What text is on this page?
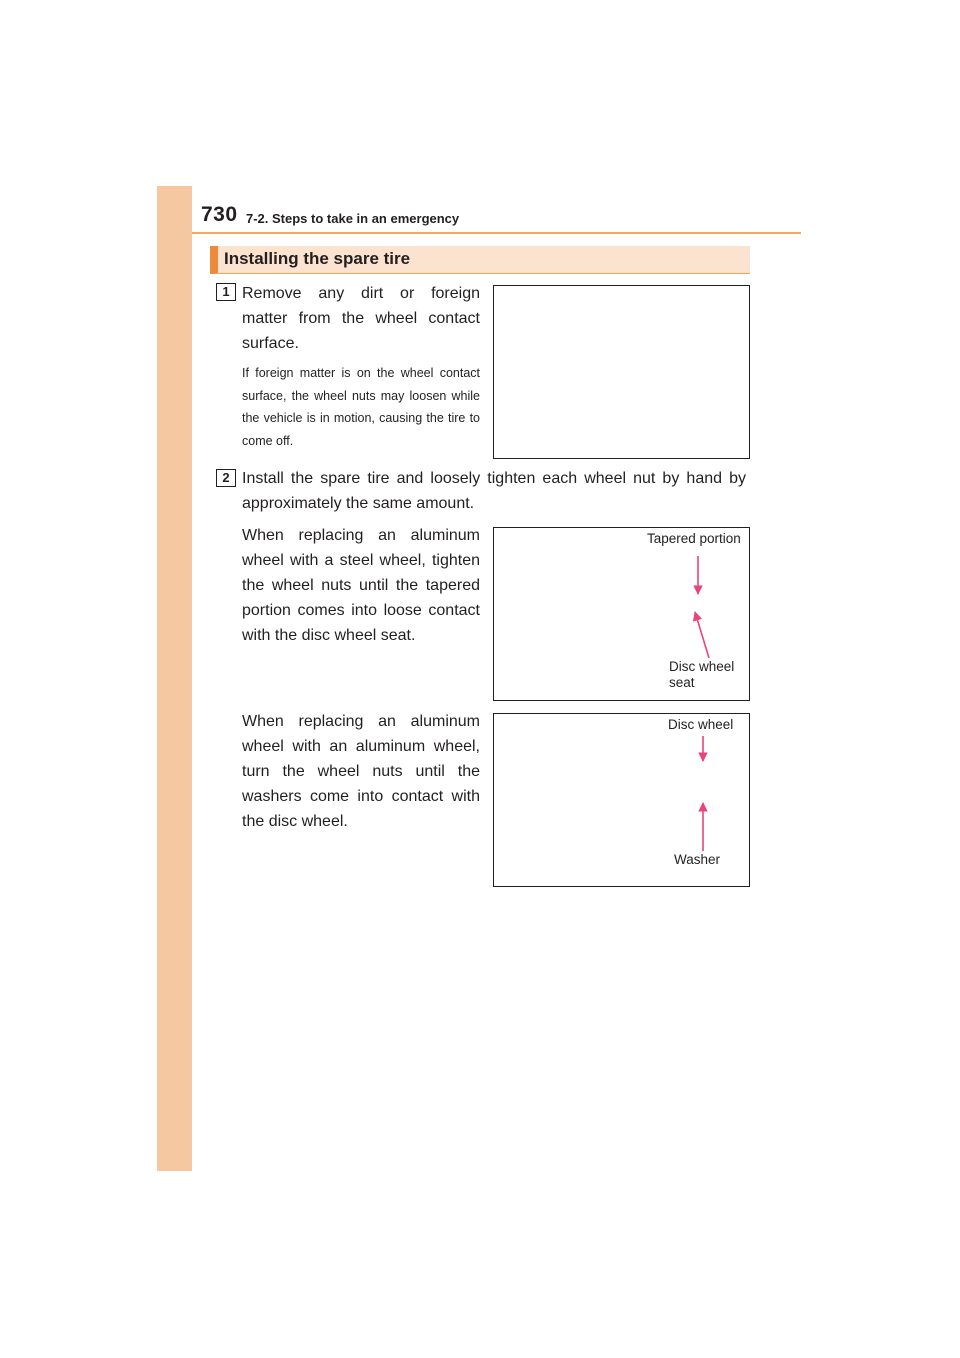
730 7-2. Steps to take in an emergency
Installing the spare tire
1 Remove any dirt or foreign matter from the wheel contact surface.
If foreign matter is on the wheel contact surface, the wheel nuts may loosen while the vehicle is in motion, causing the tire to come off.
2 Install the spare tire and loosely tighten each wheel nut by hand by approximately the same amount.
When replacing an aluminum wheel with a steel wheel, tighten the wheel nuts until the tapered portion comes into loose contact with the disc wheel seat.
Tapered portion
Disc wheel
seat
When replacing an aluminum wheel with an aluminum wheel, turn the wheel nuts until the washers come into contact with the disc wheel.
Disc wheel
Washer
